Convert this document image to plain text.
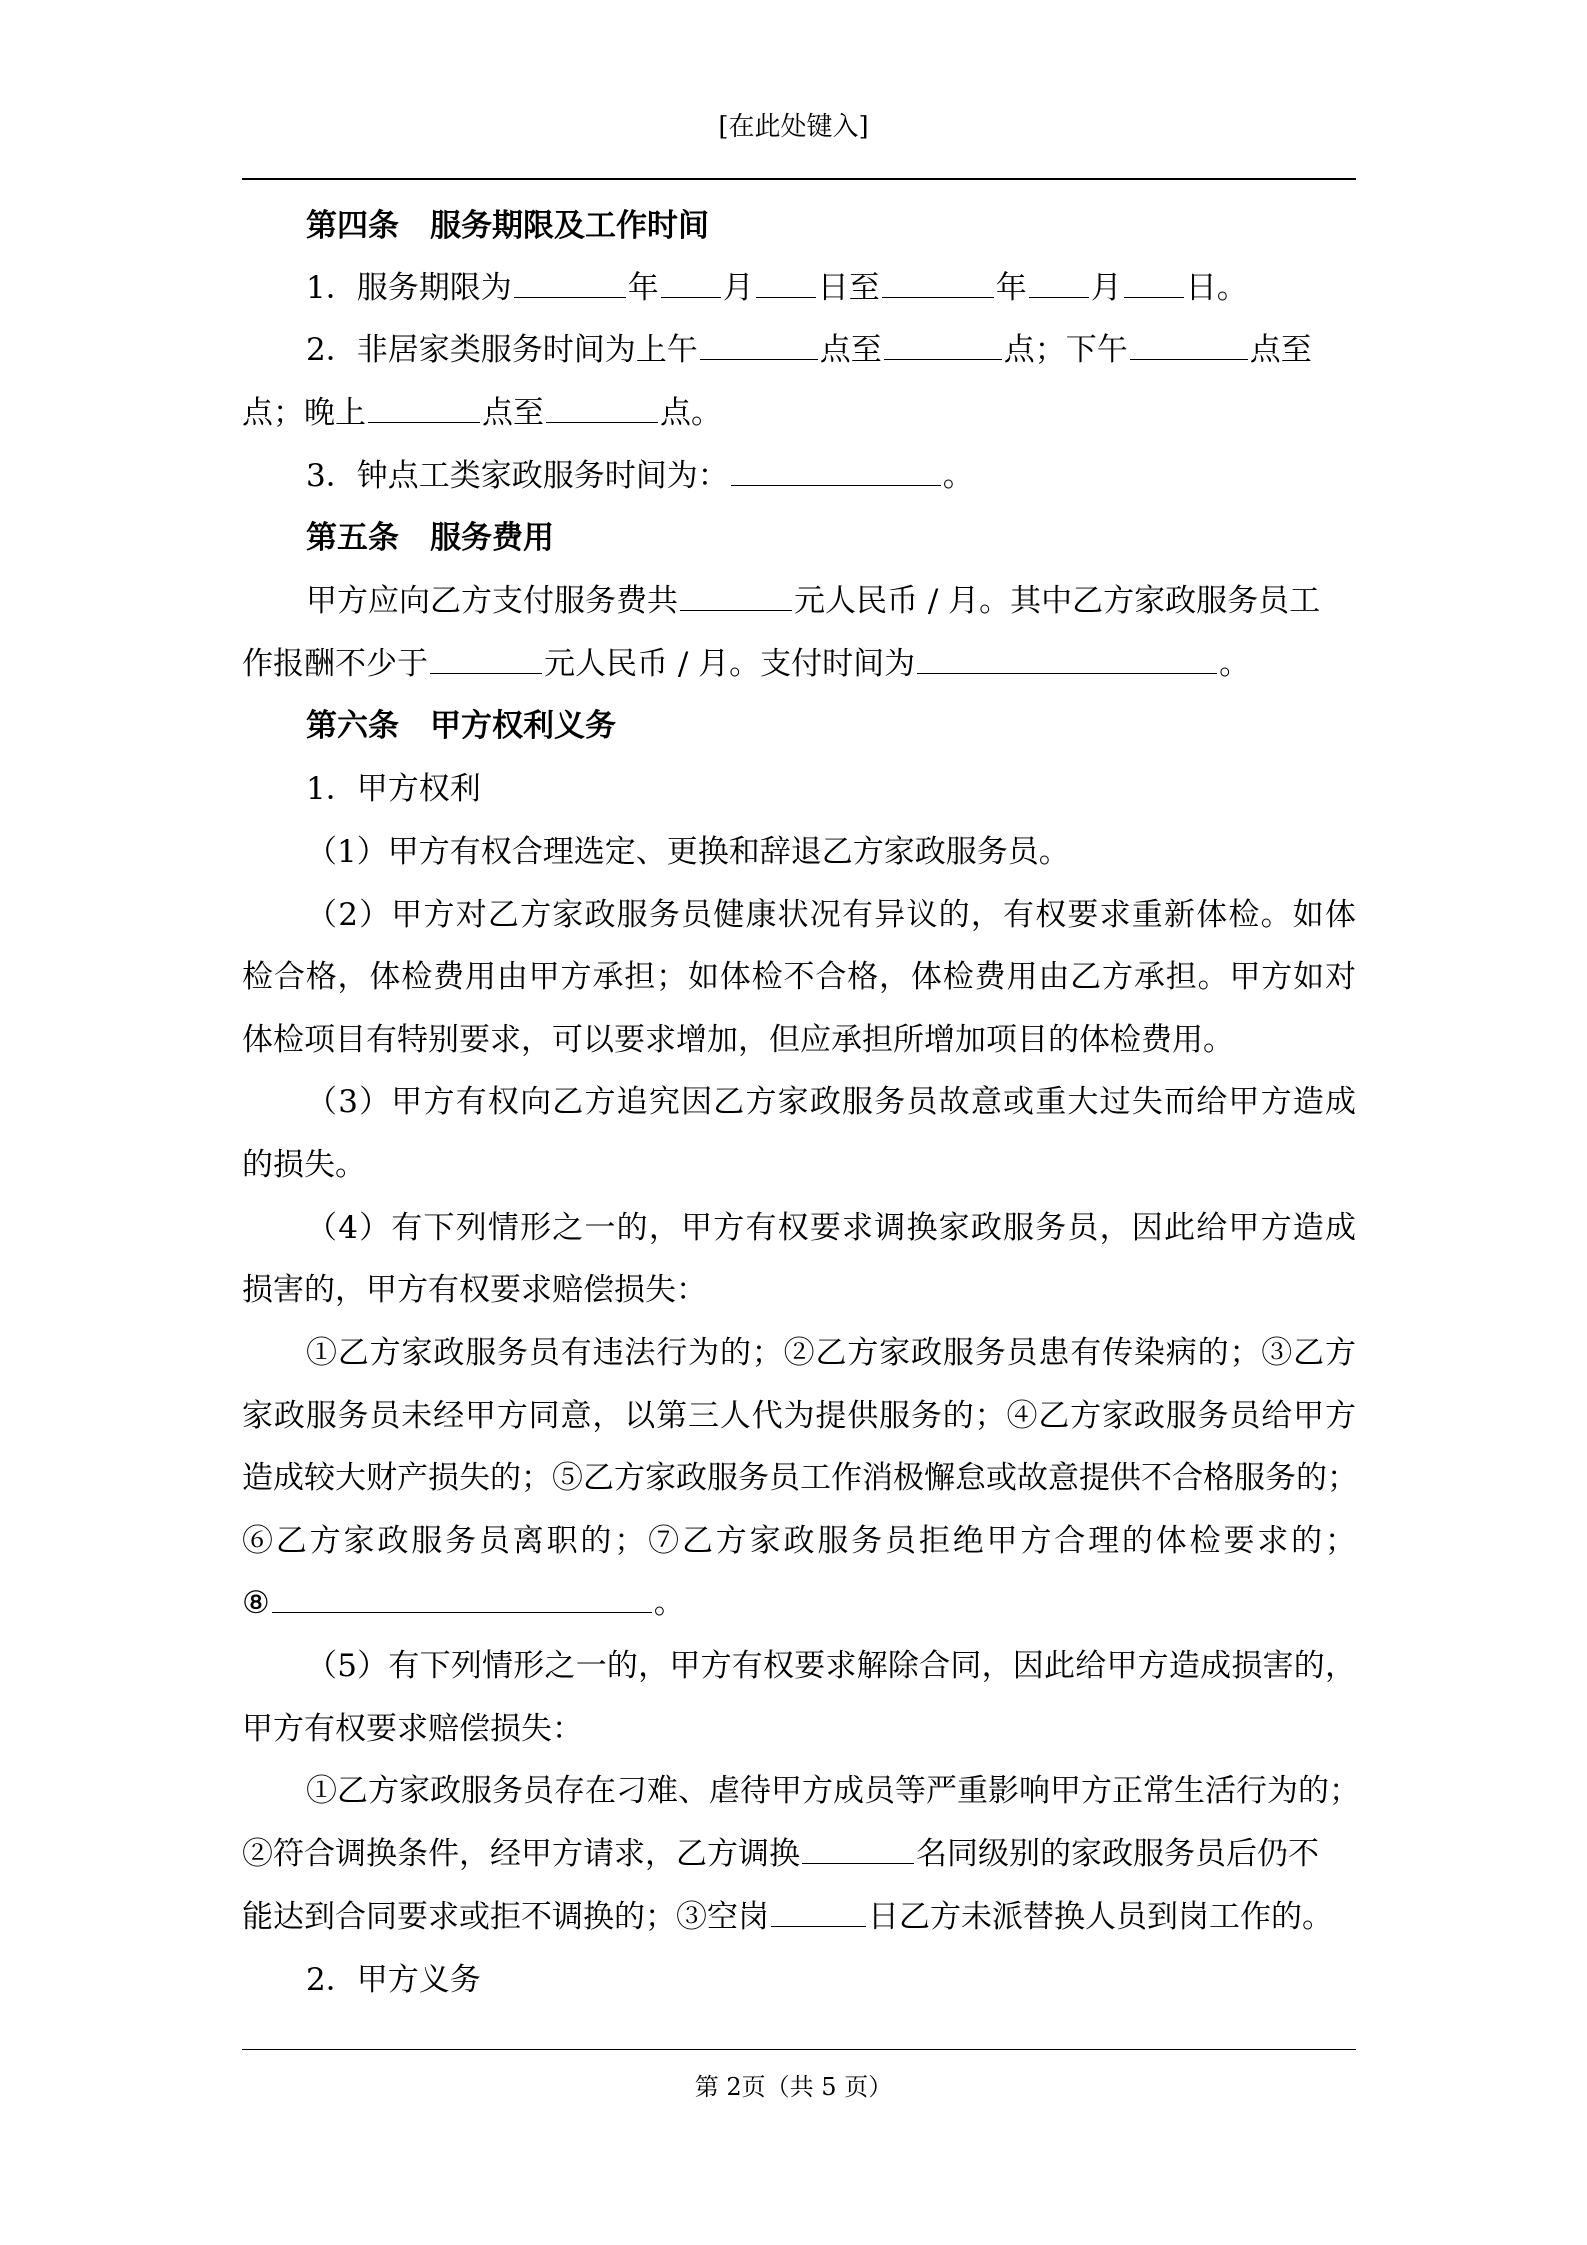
[在此处键入]
第四条　服务期限及工作时间
1．服务期限为	年 月 日至	年 月 日。
2．非居家类服务时间为上午	点至	点；下午	点至
点；晚上	点至	点。
3．钟点工类家政服务时间为：	。
第五条　服务费用
甲方应向乙方支付服务费共	元人民币 / 月。其中乙方家政服务员工
作报酬不少于	元人民币 / 月。支付时间为	。
第六条　甲方权利义务
1．甲方权利
（1）甲方有权合理选定、更换和辞退乙方家政服务员。
（2）甲方对乙方家政服务员健康状况有异议的，有权要求重新体检。如体
检合格，体检费用由甲方承担；如体检不合格，体检费用由乙方承担。甲方如对
体检项目有特别要求，可以要求增加，但应承担所增加项目的体检费用。
（3）甲方有权向乙方追究因乙方家政服务员故意或重大过失而给甲方造成
的损失。
（4）有下列情形之一的，甲方有权要求调换家政服务员，因此给甲方造成
损害的，甲方有权要求赔偿损失：
①乙方家政服务员有违法行为的；②乙方家政服务员患有传染病的；③乙方
家政服务员未经甲方同意，以第三人代为提供服务的；④乙方家政服务员给甲方
造成较大财产损失的；⑤乙方家政服务员工作消极懈怠或故意提供不合格服务的；
⑥乙方家政服务员离职的；⑦乙方家政服务员拒绝甲方合理的体检要求的；
⑧	。
（5）有下列情形之一的，甲方有权要求解除合同，因此给甲方造成损害的，
甲方有权要求赔偿损失：
①乙方家政服务员存在刁难、虐待甲方成员等严重影响甲方正常生活行为的；
②符合调换条件，经甲方请求，乙方调换	名同级别的家政服务员后仍不
能达到合同要求或拒不调换的；③空岗	日乙方未派替换人员到岗工作的。
2．甲方义务
第 2页（共 5 页）
